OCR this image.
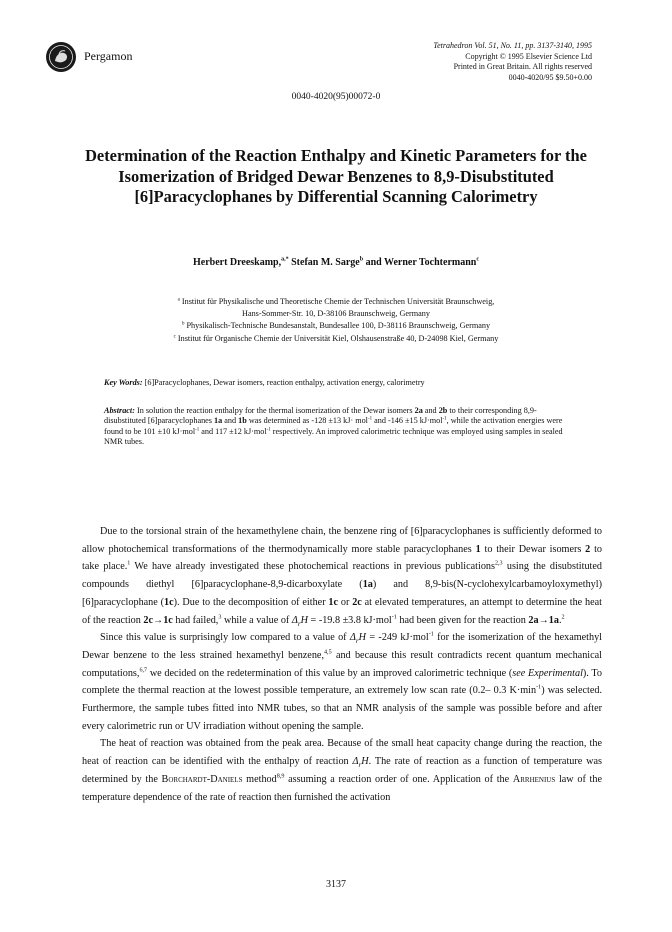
Pergamon
Tetrahedron Vol. 51, No. 11, pp. 3137-3140, 1995
Copyright © 1995 Elsevier Science Ltd
Printed in Great Britain. All rights reserved
0040-4020/95 $9.50+0.00
0040-4020(95)00072-0
Determination of the Reaction Enthalpy and Kinetic Parameters for the Isomerization of Bridged Dewar Benzenes to 8,9-Disubstituted [6]Paracyclophanes by Differential Scanning Calorimetry
Herbert Dreeskamp,$^{a,*}$ Stefan M. Sarge$^b$ and Werner Tochtermann$^c$
$^a$ Institut für Physikalische und Theoretische Chemie der Technischen Universität Braunschweig,
Hans-Sommer-Str. 10, D-38106 Braunschweig, Germany
$^b$ Physikalisch-Technische Bundesanstalt, Bundesallee 100, D-38116 Braunschweig, Germany
$^c$ Institut für Organische Chemie der Universität Kiel, Olshausenstraße 40, D-24098 Kiel, Germany
Key Words: [6]Paracyclophanes, Dewar isomers, reaction enthalpy, activation energy, calorimetry
Abstract: In solution the reaction enthalpy for the thermal isomerization of the Dewar isomers 2a and 2b to their corresponding 8,9-disubstituted [6]paracyclophanes 1a and 1b was determined as -128 ±13 kJ· mol$^{-1}$ and -146 ±15 kJ·mol$^{-1}$, while the activation energies were found to be 101 ±10 kJ·mol$^{-1}$ and 117 ±12 kJ·mol$^{-1}$ respectively. An improved calorimetric technique was employed using samples in sealed NMR tubes.

Due to the torsional strain of the hexamethylene chain, the benzene ring of [6]paracyclophanes is sufficiently deformed to allow photochemical transformations of the thermodynamically more stable paracyclophanes 1 to their Dewar isomers 2 to take place.$^1$ We have already investigated these photochemical reactions in previous publications$^{2,3}$ using the disubstituted compounds diethyl [6]paracyclophane-8,9-dicarboxylate (1a) and 8,9-bis(N-cyclohexylcarbamoyloxymethyl)[6]paracyclophane (1c). Due to the decomposition of either 1c or 2c at elevated temperatures, an attempt to determine the heat of the reaction 2c→1c had failed,$^3$ while a value of $\Delta_rH = -19.8 \pm 3.8$ kJ·mol$^{-1}$ had been given for the reaction 2a→1a.$^2$

Since this value is surprisingly low compared to a value of $\Delta_rH = -249$ kJ·mol$^{-1}$ for the isomerization of the hexamethyl Dewar benzene to the less strained hexamethyl benzene,$^{4,5}$ and because this result contradicts recent quantum mechanical computations,$^{6,7}$ we decided on the redetermination of this value by an improved calorimetric technique (see Experimental). To complete the thermal reaction at the lowest possible temperature, an extremely low scan rate (0.2– 0.3 $K\cdot\min^{-1}$) was selected. Furthermore, the sample tubes fitted into NMR tubes, so that an NMR analysis of the sample was possible before and after every calorimetric run or UV irradiation without opening the sample.

The heat of reaction was obtained from the peak area. Because of the small heat capacity change during the reaction, the heat of reaction can be identified with the enthalpy of reaction $\Delta_rH$. The rate of reaction as a function of temperature was determined by the Borchardt-Daniels method$^{8,9}$ assuming a reaction order of one. Application of the Arrhenius law of the temperature dependence of the rate of reaction then furnished the activation

3137
